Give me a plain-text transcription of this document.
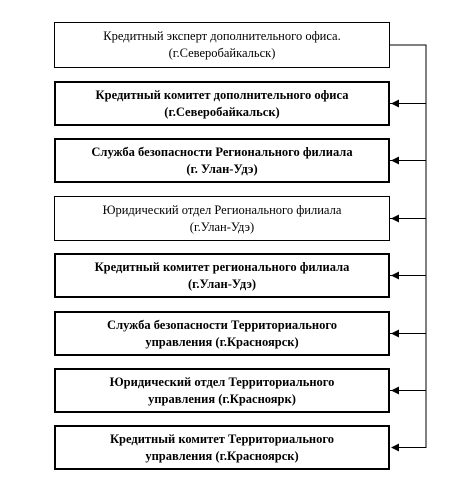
Кредитный эксперт дополнительного офиса.
(г.Северобайкальск)
Кредитный комитет дополнительного офиса
(г.Северобайкальск)
Служба безопасности Регионального филиала
(г. Улан-Удэ)
Юридический отдел Регионального филиала
(г.Улан-Удэ)
Кредитный комитет регионального филиала
(г.Улан-Удэ)
Служба безопасности Территориального
управления (г.Красноярск)
Юридический отдел Территориального
управления (г.Красноярк)
Кредитный комитет Территориального
управления (г.Красноярск)
